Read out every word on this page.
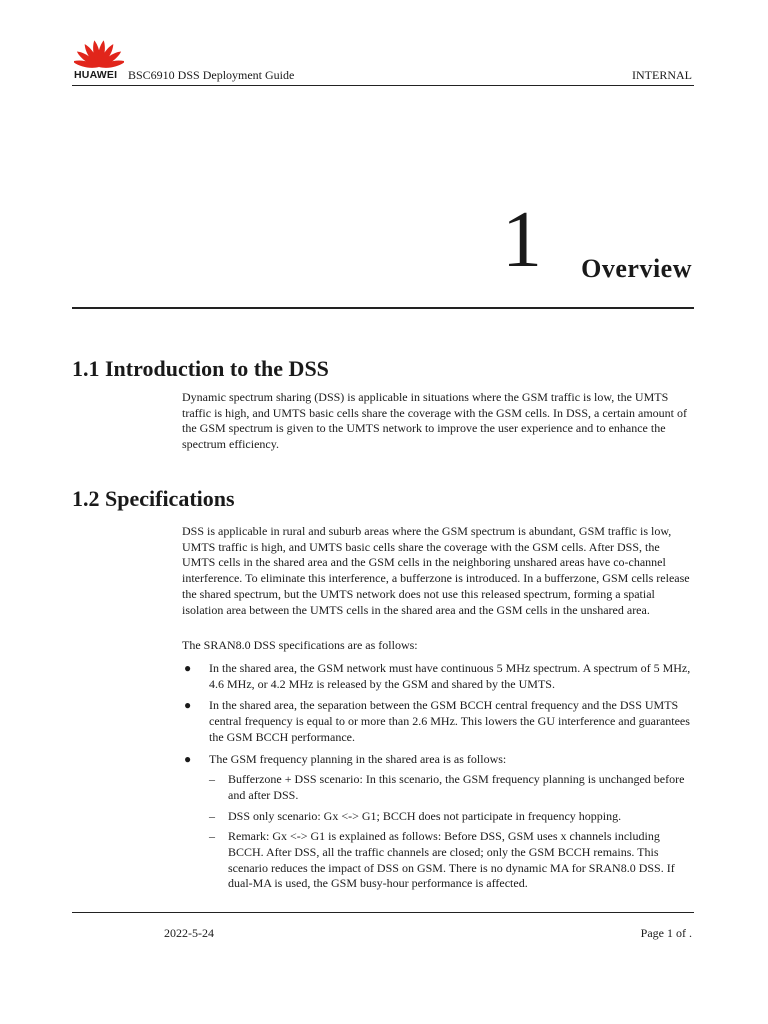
HUAWEI BSC6910 DSS Deployment Guide	INTERNAL
1 Overview
1.1 Introduction to the DSS

Dynamic spectrum sharing (DSS) is applicable in situations where the GSM traffic is low, the UMTS traffic is high, and UMTS basic cells share the coverage with the GSM cells. In DSS, a certain amount of the GSM spectrum is given to the UMTS network to improve the user experience and to enhance the spectrum efficiency.

1.2 Specifications

DSS is applicable in rural and suburb areas where the GSM spectrum is abundant, GSM traffic is low, UMTS traffic is high, and UMTS basic cells share the coverage with the GSM cells. After DSS, the UMTS cells in the shared area and the GSM cells in the neighboring unshared areas have co-channel interference. To eliminate this interference, a bufferzone is introduced. In a bufferzone, GSM cells release the shared spectrum, but the UMTS network does not use this released spectrum, forming a spatial isolation area between the UMTS cells in the shared area and the GSM cells in the unshared area.

The SRAN8.0 DSS specifications are as follows:

● In the shared area, the GSM network must have continuous 5 MHz spectrum. A spectrum of 5 MHz, 4.6 MHz, or 4.2 MHz is released by the GSM and shared by the UMTS.
● In the shared area, the separation between the GSM BCCH central frequency and the DSS UMTS central frequency is equal to or more than 2.6 MHz. This lowers the GU interference and guarantees the GSM BCCH performance.
● The GSM frequency planning in the shared area is as follows:
– Bufferzone + DSS scenario: In this scenario, the GSM frequency planning is unchanged before and after DSS.
– DSS only scenario: Gx <-> G1; BCCH does not participate in frequency hopping.
– Remark: Gx <-> G1 is explained as follows: Before DSS, GSM uses x channels including BCCH. After DSS, all the traffic channels are closed; only the GSM BCCH remains. This scenario reduces the impact of DSS on GSM. There is no dynamic MA for SRAN8.0 DSS. If dual-MA is used, the GSM busy-hour performance is affected.
2022-5-24	Page 1 of .
